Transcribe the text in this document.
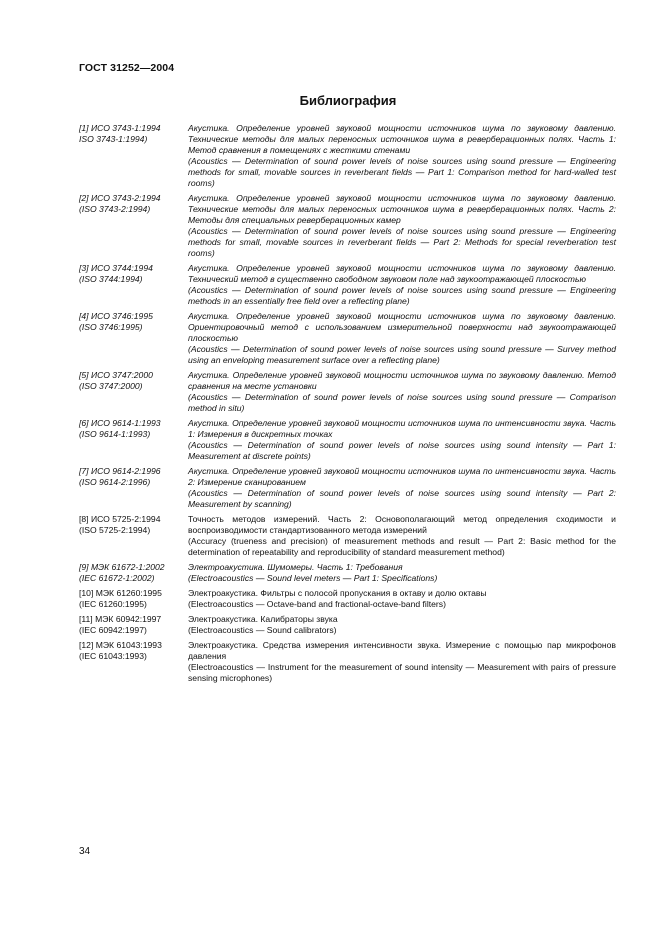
ГОСТ 31252—2004
Библиография
[1] ИСО 3743-1:1994
ISO 3743-1:1994)
Акустика. Определение уровней звуковой мощности источников шума по звуковому давлению. Технические методы для малых переносных источников шума в реверберационных полях. Часть 1: Метод сравнения в помещениях с жесткими стенами
(Acoustics — Determination of sound power levels of noise sources using sound pressure — Engineering methods for small, movable sources in reverberant fields — Part 1: Comparison method for hard-walled test rooms)
[2] ИСО 3743-2:1994
(ISO 3743-2:1994)
Акустика. Определение уровней звуковой мощности источников шума по звуковому давлению. Технические методы для малых переносных источников шума в реверберационных полях. Часть 2: Методы для специальных реверберационных камер
(Acoustics — Determination of sound power levels of noise sources using sound pressure — Engineering methods for small, movable sources in reverberant fields — Part 2: Methods for special reverberation test rooms)
[3] ИСО 3744:1994
(ISO 3744:1994)
Акустика. Определение уровней звуковой мощности источников шума по звуковому давлению. Технический метод в существенно свободном звуковом поле над звукоотражающей плоскостью
(Acoustics — Determination of sound power levels of noise sources using sound pressure — Engineering methods in an essentially free field over a reflecting plane)
[4] ИСО 3746:1995
(ISO 3746:1995)
Акустика. Определение уровней звуковой мощности источников шума по звуковому давлению. Ориентировочный метод с использованием измерительной поверхности над звукоотражающей плоскостью
(Acoustics — Determination of sound power levels of noise sources using sound pressure — Survey method using an enveloping measurement surface over a reflecting plane)
[5] ИСО 3747:2000
(ISO 3747:2000)
Акустика. Определение уровней звуковой мощности источников шума по звуковому давлению. Метод сравнения на месте установки
(Acoustics — Determination of sound power levels of noise sources using sound pressure — Comparison method in situ)
[6] ИСО 9614-1:1993
(ISO 9614-1:1993)
Акустика. Определение уровней звуковой мощности источников шума по интенсивности звука. Часть 1: Измерения в дискретных точках
(Acoustics — Determination of sound power levels of noise sources using sound intensity — Part 1: Measurement at discrete points)
[7] ИСО 9614-2:1996
(ISO 9614-2:1996)
Акустика. Определение уровней звуковой мощности источников шума по интенсивности звука. Часть 2: Измерение сканированием
(Acoustics — Determination of sound power levels of noise sources using sound intensity — Part 2: Measurement by scanning)
[8] ИСО 5725-2:1994
(ISO 5725-2:1994)
Точность методов измерений. Часть 2: Основополагающий метод определения сходимости и воспроизводимости стандартизованного метода измерений
(Accuracy (trueness and precision) of measurement methods and result — Part 2: Basic method for the determination of repeatability and reproducibility of standard measurement method)
[9] МЭК 61672-1:2002
(IEC 61672-1:2002)
Электроакустика. Шумомеры. Часть 1: Требования
(Electroacoustics — Sound level meters — Part 1: Specifications)
[10] МЭК 61260:1995
(IEC 61260:1995)
Электроакустика. Фильтры с полосой пропускания в октаву и долю октавы
(Electroacoustics — Octave-band and fractional-octave-band filters)
[11] МЭК 60942:1997
(IEC 60942:1997)
Электроакустика. Калибраторы звука
(Electroacoustics — Sound calibrators)
[12] МЭК 61043:1993
(IEC 61043:1993)
Электроакустика. Средства измерения интенсивности звука. Измерение с помощью пар микрофонов давления
(Electroacoustics — Instrument for the measurement of sound intensity — Measurement with pairs of pressure sensing microphones)
34
